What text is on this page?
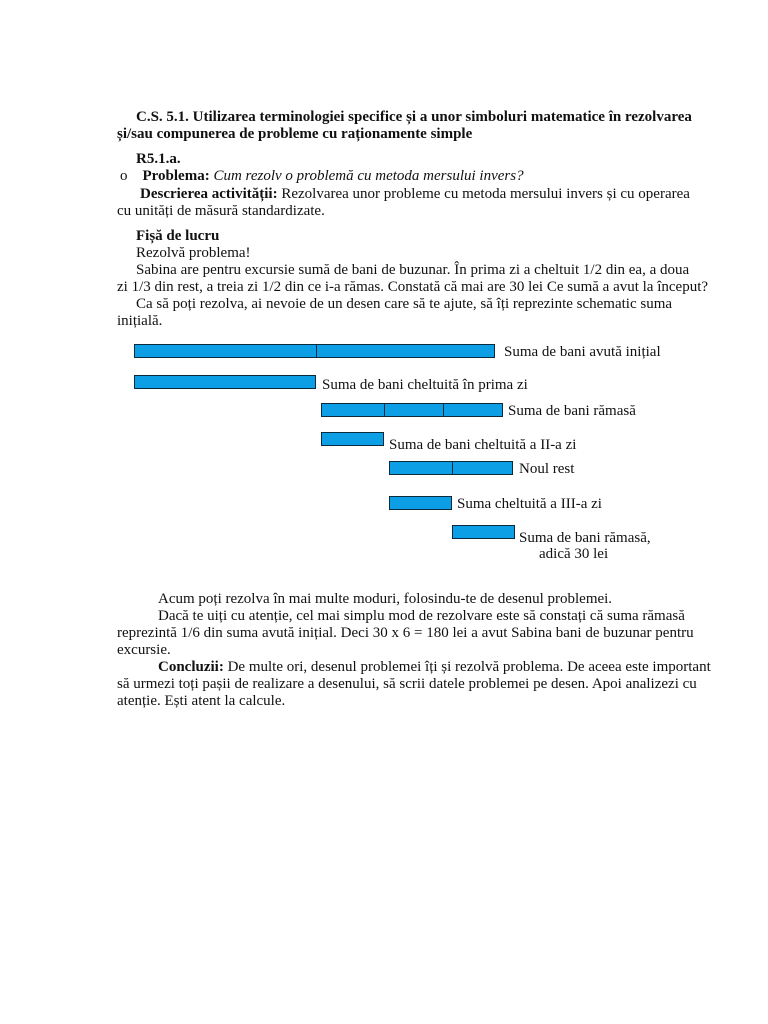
C.S. 5.1. Utilizarea terminologiei specifice și a unor simboluri matematice în rezolvarea
și/sau compunerea de probleme cu raționamente simple
R5.1.a.
o Problema: Cum rezolv o problemă cu metoda mersului invers?
Descrierea activității: Rezolvarea unor probleme cu metoda mersului invers și cu operarea
cu unități de măsură standardizate.
Fișă de lucru
Rezolvă problema!
Sabina are pentru excursie sumă de bani de buzunar. În prima zi a cheltuit 1/2 din ea, a doua
zi 1/3 din rest, a treia zi 1/2 din ce i-a rămas. Constată că mai are 30 lei Ce sumă a avut la început?
Ca să poți rezolva, ai nevoie de un desen care să te ajute, să îți reprezinte schematic suma
inițială.
Suma de bani avută inițial
Suma de bani cheltuită în prima zi
Suma de bani rămasă
Suma de bani cheltuită a II-a zi
Noul rest
Suma cheltuită a III-a zi
Suma de bani rămasă,
adică 30 lei
Acum poți rezolva în mai multe moduri, folosindu-te de desenul problemei.
Dacă te uiți cu atenție, cel mai simplu mod de rezolvare este să constați că suma rămasă
reprezintă 1/6 din suma avută inițial. Deci 30 x 6 = 180 lei a avut Sabina bani de buzunar pentru
excursie.
Concluzii: De multe ori, desenul problemei îți și rezolvă problema. De aceea este important
să urmezi toți pașii de realizare a desenului, să scrii datele problemei pe desen. Apoi analizezi cu
atenție. Ești atent la calcule.
